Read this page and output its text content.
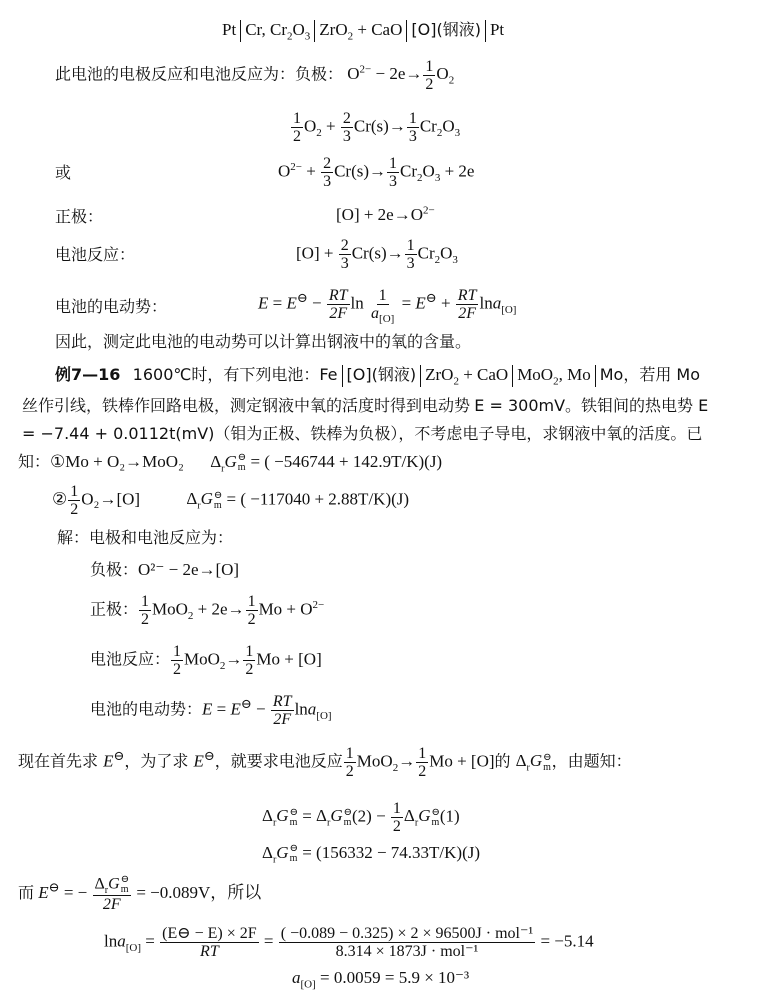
Pt Cr, $Cr_2O_3$ ZrO$_2$ + CaO [O](钢液) Pt
此电池的电极反应和电池反应为：负极： $O^{2-} - 2e\to \frac{1}{2} O_2$
$\frac{1}{2} O_2 + \frac{2}{3} Cr(s)\to \frac{1}{3} Cr_2O_3$
或	$O^{2-} + \frac{2}{3} Cr(s)\to \frac{1}{3} Cr_2O_3 + 2e$
正极：	$[O] + 2e\to O^{2-}$
电池反应：	$[O] + \frac{2}{3} Cr(s)\to \frac{1}{3} Cr_2O_3$
电池的电动势：	$E = E^⊖ - \frac{RT}{2F}$ $\ln \frac{1}{a_{[O]}} = E^⊖ + \frac{RT}{2F} \ln a_{[O]}$
因此，测定此电池的电动势可以计算出钢液中的氧的含量。
例7—16 1600℃时，有下列电池：Fe [O](钢液) ZrO$_2$ + CaO MoO$_2$, Mo Mo，若用 Mo
丝作引线，铁棒作回路电极，测定钢液中氧的活度时得到电动势 E = 300mV。铁钼间的热电势 E
= −7.44 + 0.0112t(mV)（钼为正极、铁棒为负极），不考虑电子导电，求钢液中氧的活度。已
知：①Mo + O₂→MoO₂ $\Delta_rG$ ⊖
m = ( −546744 + 142.9T/K)(J)
② $\frac{1}{2} O_2\to[O]$	$\Delta_rG$ ⊖
m = ( −117040 + 2.88T/K)(J)
解：电极和电池反应为：
负极：O²⁻ − 2e→[O]
正极： $\frac{1}{2} MoO_2 + 2e\to \frac{1}{2}$ $Mo + O^{2-}$
电池反应： $\frac{1}{2} MoO_2\to \frac{1}{2}$ Mo + [O]
电池的电动势：$E = E^⊖ - \frac{RT}{2F} \ln a_{[O]}$
现在首先求 E⊖，为了求 E⊖，就要求电池反应 $\frac{1}{2} MoO_2\to \frac{1}{2}$ Mo + [O]的 $\Delta_rG$ ⊖
m ，由题知：
$\Delta_rG$ ⊖
$m = \Delta_rG$ ⊖
m $(2) - \frac{1}{2} \Delta_rG$ ⊖
m (1)
$\Delta_rG$ ⊖
m = (156332 − 74.33T/K)(J)
而 E⊖ = − $\Delta_rG$ ⊖
m
2F = −0.089V，所以
$\ln a_{[O]} = \frac{(E⊖ - E) \times 2F}{RT} = \frac{\text{( −0.089 − 0.325) × 2 × 96500J · mol⁻¹}}{\text{8.314 × 1873J · mol⁻¹}} = -5.14$
$a_{[O]} = 0.0059 = 5.9 \times 10^{-3}$
